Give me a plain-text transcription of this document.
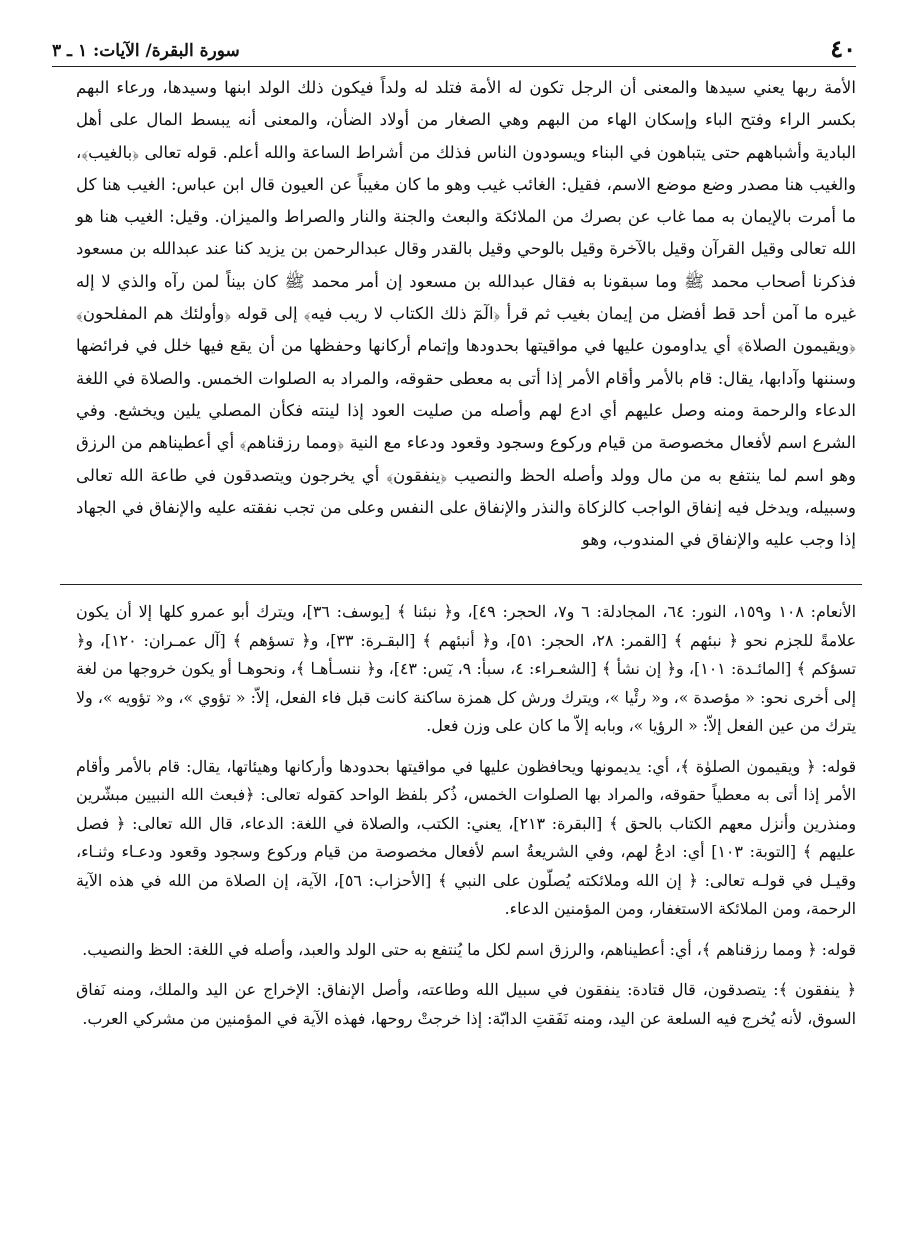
٤٠
سورة البقرة/ الآيات: ١ ـ ٣

الأمة ربها يعني سيدها والمعنى أن الرجل تكون له الأمة فتلد له ولداً فيكون ذلك الولد ابنها وسيدها، ورعاء البهم بكسر الراء وفتح الباء وإسكان الهاء من البهم وهي الصغار من أولاد الضأن، والمعنى أنه يبسط المال على أهل البادية وأشباههم حتى يتباهون في البناء ويسودون الناس فذلك من أشراط الساعة والله أعلم. قوله تعالى ﴿بالغيب﴾، والغيب هنا مصدر وضع موضع الاسم، فقيل: الغائب غيب وهو ما كان مغيباً عن العيون قال ابن عباس: الغيب هنا كل ما أمرت بالإيمان به مما غاب عن بصرك من الملائكة والبعث والجنة والنار والصراط والميزان. وقيل: الغيب هنا هو الله تعالى وقيل القرآن وقيل بالآخرة وقيل بالوحي وقيل بالقدر وقال عبدالرحمن بن يزيد كنا عند عبدالله بن مسعود فذكرنا أصحاب محمد ﷺ وما سبقونا به فقال عبدالله بن مسعود إن أمر محمد ﷺ كان بيناً لمن رآه والذي لا إله غيره ما آمن أحد قط أفضل من إيمان بغيب ثم قرأ ﴿الٓمٓ ذلك الكتاب لا ريب فيه﴾ إلى قوله ﴿وأولئك هم المفلحون﴾ ﴿ويقيمون الصلاة﴾ أي يداومون عليها في مواقيتها بحدودها وإتمام أركانها وحفظها من أن يقع فيها خلل في فرائضها وسننها وآدابها، يقال: قام بالأمر وأقام الأمر إذا أتى به معطى حقوقه، والمراد به الصلوات الخمس. والصلاة في اللغة الدعاء والرحمة ومنه وصل عليهم أي ادع لهم وأصله من صليت العود إذا لينته فكأن المصلي يلين ويخشع. وفي الشرع اسم لأفعال مخصوصة من قيام وركوع وسجود وقعود ودعاء مع النية ﴿ومما رزقناهم﴾ أي أعطيناهم من الرزق وهو اسم لما ينتفع به من مال وولد وأصله الحظ والنصيب ﴿ينفقون﴾ أي يخرجون ويتصدقون في طاعة الله تعالى وسبيله، ويدخل فيه إنفاق الواجب كالزكاة والنذر والإنفاق على النفس وعلى من تجب نفقته عليه والإنفاق في الجهاد إذا وجب عليه والإنفاق في المندوب، وهو

الأنعام: ١٠٨ و١٥٩، النور: ٦٤، المجادلة: ٦ و٧، الحجر: ٤٩]، و﴿ نبئنا ﴾ [يوسف: ٣٦]، ويترك أبو عمرو كلها إلا أن يكون علامةً للجزم نحو ﴿ نبئهم ﴾ [القمر: ٢٨، الحجر: ٥١]، و﴿ أنبئهم ﴾ [البقـرة: ٣٣]، و﴿ تسؤهم ﴾ [آل عمـران: ١٢٠]، و﴿ تسؤكم ﴾ [المائـدة: ١٠١]، و﴿ إن نشأ ﴾ [الشعـراء: ٤، سبأ: ٩، يٓس: ٤٣]، و﴿ ننسـأهـا ﴾، ونحوهـا أو يكون خروجها من لغة إلى أخرى نحو: « مؤصدة »، و« رئْيا »، ويترك ورش كل همزة ساكنة كانت قبل فاء الفعل، إلاّ: « تؤوي »، و« تؤويه »، ولا يترك من عين الفعل إلاّ: « الرؤيا »، وبابه إلاّ ما كان على وزن فعل.

قوله: ﴿ ويقيمون الصلوٰة ﴾، أي: يديمونها ويحافظون عليها في مواقيتها بحدودها وأركانها وهيئاتها، يقال: قام بالأمر وأقام الأمر إذا أتى به معطياً حقوقه، والمراد بها الصلوات الخمس، ذُكر بلفظ الواحد كقوله تعالى: ﴿فبعث الله النبيين مبشّرين ومنذرين وأنزل معهم الكتاب بالحق ﴾ [البقرة: ٢١٣]، يعني: الكتب، والصلاة في اللغة: الدعاء، قال الله تعالى: ﴿ فصل عليهم ﴾ [التوبة: ١٠٣] أي: ادعُ لهم، وفي الشريعةُ اسم لأفعال مخصوصة من قيام وركوع وسجود وقعود ودعـاء وثنـاء، وقيـل في قولـه تعالى: ﴿ إن الله وملائكته يُصلّون على النبي ﴾ [الأحزاب: ٥٦]، الآية، إن الصلاة من الله في هذه الآية الرحمة، ومن الملائكة الاستغفار، ومن المؤمنين الدعاء.

قوله: ﴿ ومما رزقناهم ﴾، أي: أعطيناهم، والرزق اسم لكل ما يُنتفع به حتى الولد والعبد، وأصله في اللغة: الحظ والنصيب.

﴿ ينفقون ﴾: يتصدقون، قال قتادة: ينفقون في سبيل الله وطاعته، وأصل الإنفاق: الإخراج عن اليد والملك، ومنه نَفاق السوق، لأنه يُخرج فيه السلعة عن اليد، ومنه نَفَقتِ الدابّة: إذا خرجتْ روحها، فهذه الآية في المؤمنين من مشركي العرب.
